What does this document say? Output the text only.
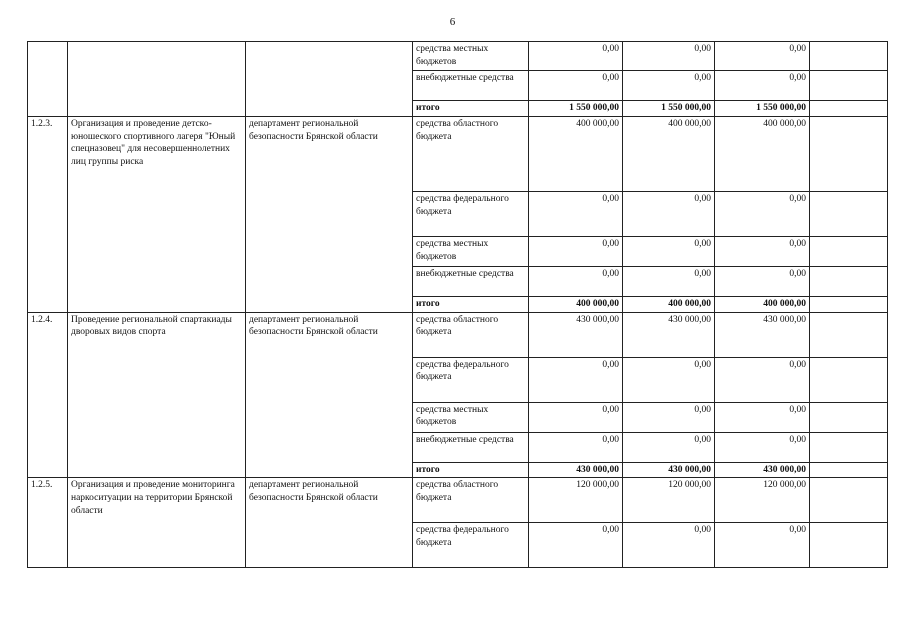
6
			средства местных бюджетов	0,00	0,00	0,00	
			внебюджетные средства	0,00	0,00	0,00	
			итого	1 550 000,00	1 550 000,00	1 550 000,00	
1.2.3.	Организация и проведение детско-юношеского спортивного лагеря "Юный спецназовец" для несовершеннолетних лиц группы риска	департамент региональной безопасности Брянской области	средства областного бюджета	400 000,00	400 000,00	400 000,00	
			средства федерального бюджета	0,00	0,00	0,00	
			средства местных бюджетов	0,00	0,00	0,00	
			внебюджетные средства	0,00	0,00	0,00	
			итого	400 000,00	400 000,00	400 000,00	
1.2.4.	Проведение региональной спартакиады дворовых видов спорта	департамент региональной безопасности Брянской области	средства областного бюджета	430 000,00	430 000,00	430 000,00	
			средства федерального бюджета	0,00	0,00	0,00	
			средства местных бюджетов	0,00	0,00	0,00	
			внебюджетные средства	0,00	0,00	0,00	
			итого	430 000,00	430 000,00	430 000,00	
1.2.5.	Организация и проведение мониторинга наркоситуации на территории Брянской области	департамент региональной безопасности Брянской области	средства областного бюджета	120 000,00	120 000,00	120 000,00	
			средства федерального бюджета	0,00	0,00	0,00	
